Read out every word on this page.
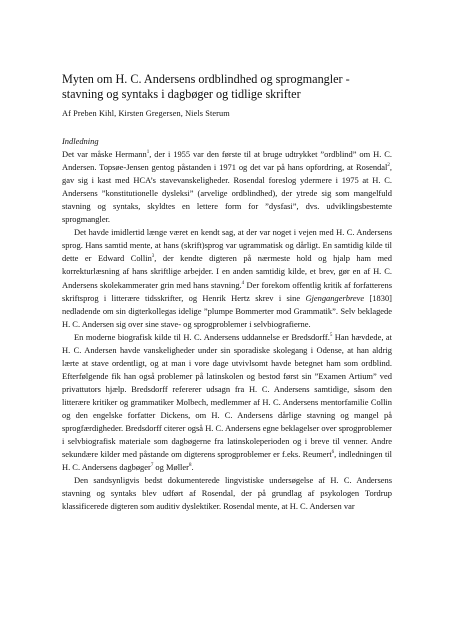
Myten om H. C. Andersens ordblindhed og sprogmangler -
stavning og syntaks i dagbøger og tidlige skrifter
Af Preben Kihl, Kirsten Gregersen, Niels Sterum

Indledning

Det var måske Hermann$^1$, der i 1955 var den første til at bruge udtrykket ”ordblind” om H. C. Andersen. Topsøe-Jensen gentog påstanden i 1971 og det var på hans opfordring, at Rosendal$^2$, gav sig i kast med HCA’s stavevanskeligheder. Rosendal foreslog ydermere i 1975 at H. C. Andersens ”konstitutionelle dysleksi” (arvelige ordblindhed), der ytrede sig som mangelfuld stavning og syntaks, skyldtes en lettere form for ”dysfasi”, dvs. udviklingsbestemte sprogmangler.

Det havde imidlertid længe været en kendt sag, at der var noget i vejen med H. C. Andersens sprog. Hans samtid mente, at hans (skrift)sprog var ugrammatisk og dårligt. En samtidig kilde til dette er Edward Collin$^3$, der kendte digteren på nærmeste hold og hjalp ham med korrekturlæsning af hans skriftlige arbejder. I en anden samtidig kilde, et brev, gør en af H. C. Andersens skolekammerater grin med hans stavning.$^4$ Der forekom offentlig kritik af forfatterens skriftsprog i litterære tidsskrifter, og Henrik Hertz skrev i sine Gjengangerbreve [1830] nedladende om sin digterkollegas idelige ”plumpe Bommerter mod Grammatik”. Selv beklagede H. C. Andersen sig over sine stave- og sprogproblemer i selvbiografierne.

En moderne biografisk kilde til H. C. Andersens uddannelse er Bredsdorff.$^5$ Han hævdede, at H. C. Andersen havde vanskeligheder under sin sporadiske skolegang i Odense, at han aldrig lærte at stave ordentligt, og at man i vore dage utvivlsomt havde betegnet ham som ordblind. Efterfølgende fik han også problemer på latinskolen og bestod først sin ”Examen Artium” ved privattutors hjælp. Bredsdorff refererer udsagn fra H. C. Andersens samtidige, såsom den litterære kritiker og grammatiker Molbech, medlemmer af H. C. Andersens mentorfamilie Collin og den engelske forfatter Dickens, om H. C. Andersens dårlige stavning og mangel på sprogfærdigheder. Bredsdorff citerer også H. C. Andersens egne beklagelser over sprogproblemer i selvbiografisk materiale som dagbøgerne fra latinskoleperioden og i breve til venner. Andre sekundære kilder med påstande om digterens sprogproblemer er f.eks. Reumert$^6$, indledningen til H. C. Andersens dagbøger$^7$ og Møller$^8$.

Den sandsynligvis bedst dokumenterede lingvistiske undersøgelse af H. C. Andersens stavning og syntaks blev udført af Rosendal, der på grundlag af psykologen Tordrup klassificerede digteren som auditiv dyslektiker. Rosendal mente, at H. C. Andersen var
